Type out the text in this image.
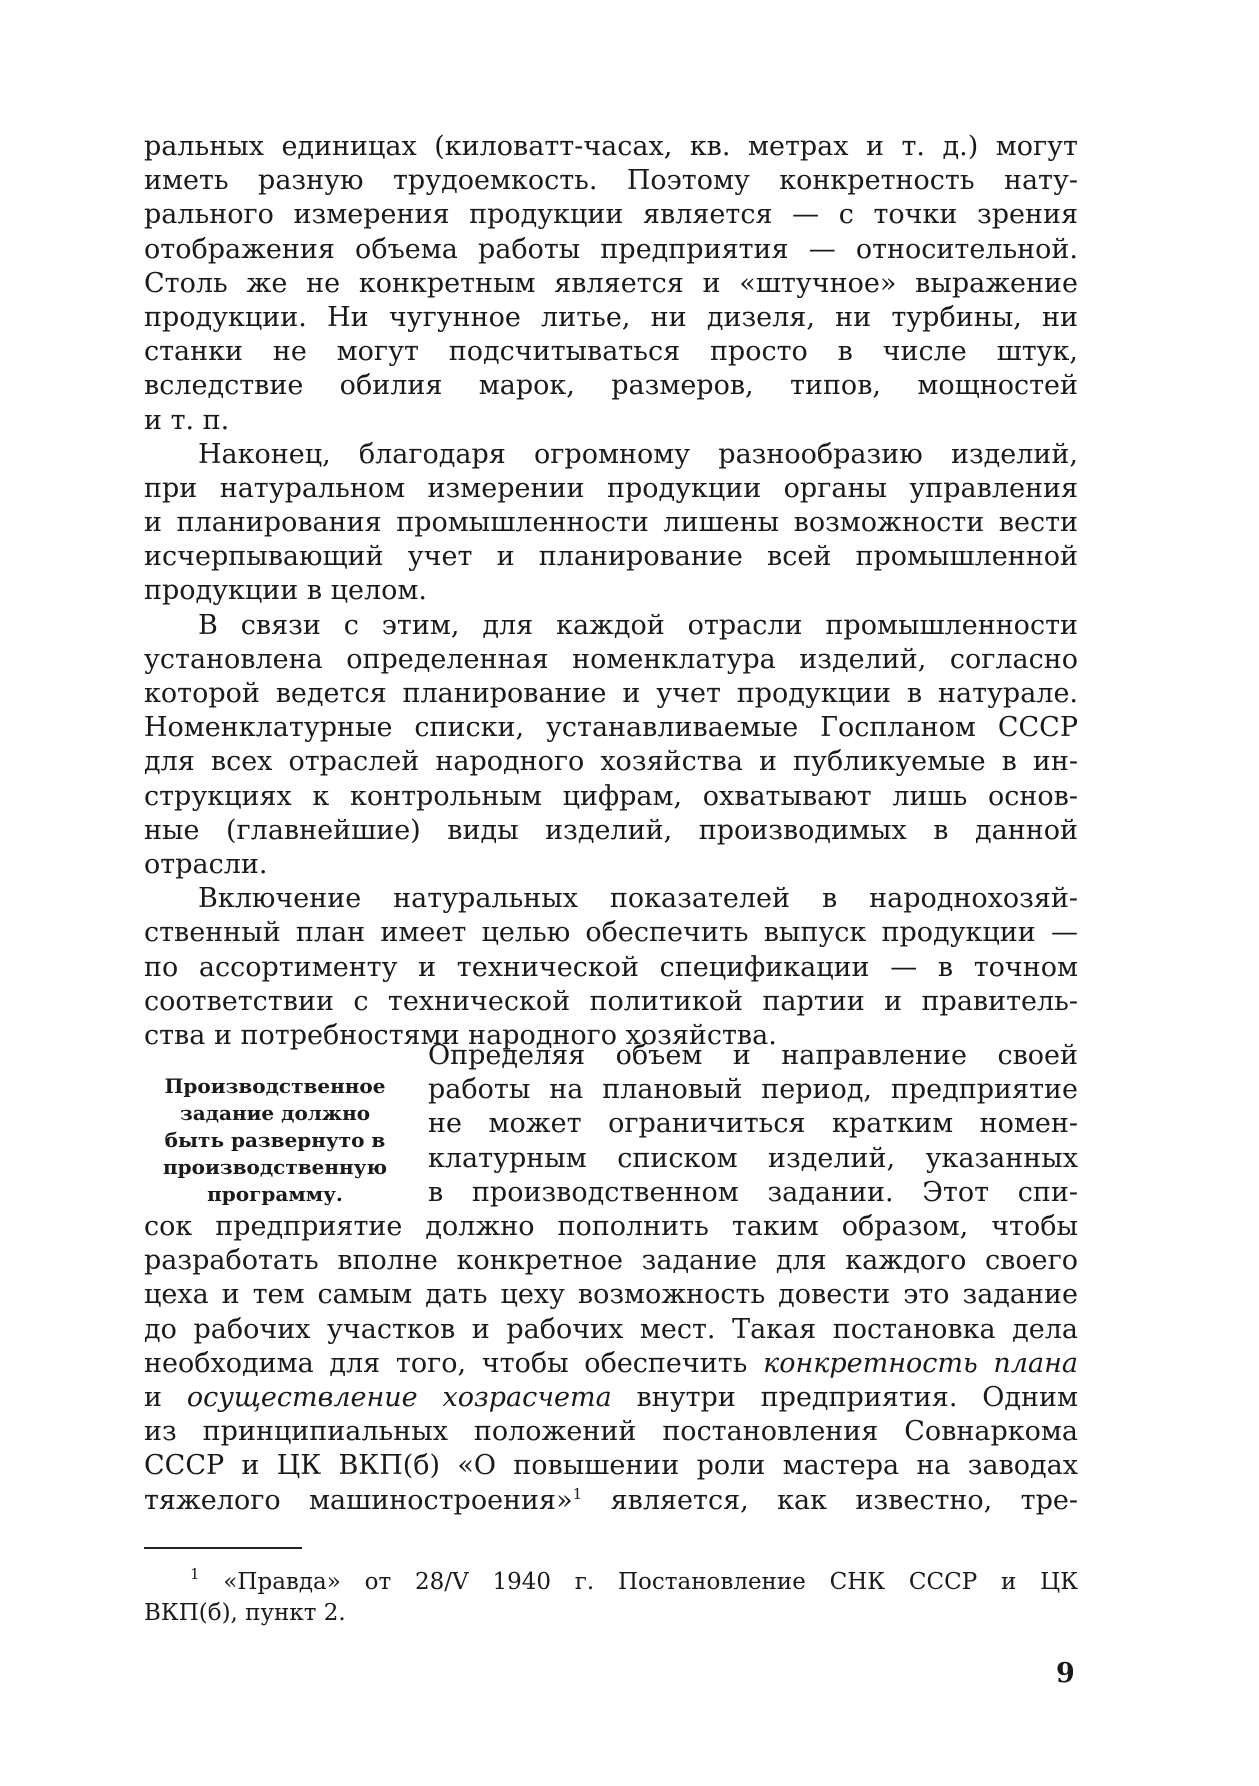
ральных единицах (киловатт-часах, кв. метрах и т. д.) могут
иметь разную трудоемкость. Поэтому конкретность нату-
рального измерения продукции является — с точки зрения
отображения объема работы предприятия — относительной.
Столь же не конкретным является и «штучное» выражение
продукции. Ни чугунное литье, ни дизеля, ни турбины, ни
станки не могут подсчитываться просто в числе штук,
вследствие обилия марок, размеров, типов, мощностей
и т. п.
Наконец, благодаря огромному разнообразию изделий,
при натуральном измерении продукции органы управления
и планирования промышленности лишены возможности вести
исчерпывающий учет и планирование всей промышленной
продукции в целом.
В связи с этим, для каждой отрасли промышленности
установлена определенная номенклатура изделий, согласно
которой ведется планирование и учет продукции в натурале.
Номенклатурные списки, устанавливаемые Госпланом СССР
для всех отраслей народного хозяйства и публикуемые в ин-
струкциях к контрольным цифрам, охватывают лишь основ-
ные (главнейшие) виды изделий, производимых в данной
отрасли.
Включение натуральных показателей в народнохозяй-
ственный план имеет целью обеспечить выпуск продукции —
по ассортименту и технической спецификации — в точном
соответствии с технической политикой партии и правитель-
ства и потребностями народного хозяйства.
Производственное
задание должно
быть развернуто в
производственную
программу.
Определяя объем и направление своей
работы на плановый период, предприятие
не может ограничиться кратким номен-
клатурным списком изделий, указанных
в производственном задании. Этот спи-
сок предприятие должно пополнить таким образом, чтобы
разработать вполне конкретное задание для каждого своего
цеха и тем самым дать цеху возможность довести это задание
до рабочих участков и рабочих мест. Такая постановка дела
необходима для того, чтобы обеспечить конкретность плана
и осуществление хозрасчета внутри предприятия. Одним
из принципиальных положений постановления Совнаркома
СССР и ЦК ВКП(б) «О повышении роли мастера на заводах
тяжелого машиностроения»$^1$ является, как известно, тре-
$^1$ «Правда» от 28/V 1940 г. Постановление СНК СССР и ЦК
ВКП(б), пункт 2.
9
